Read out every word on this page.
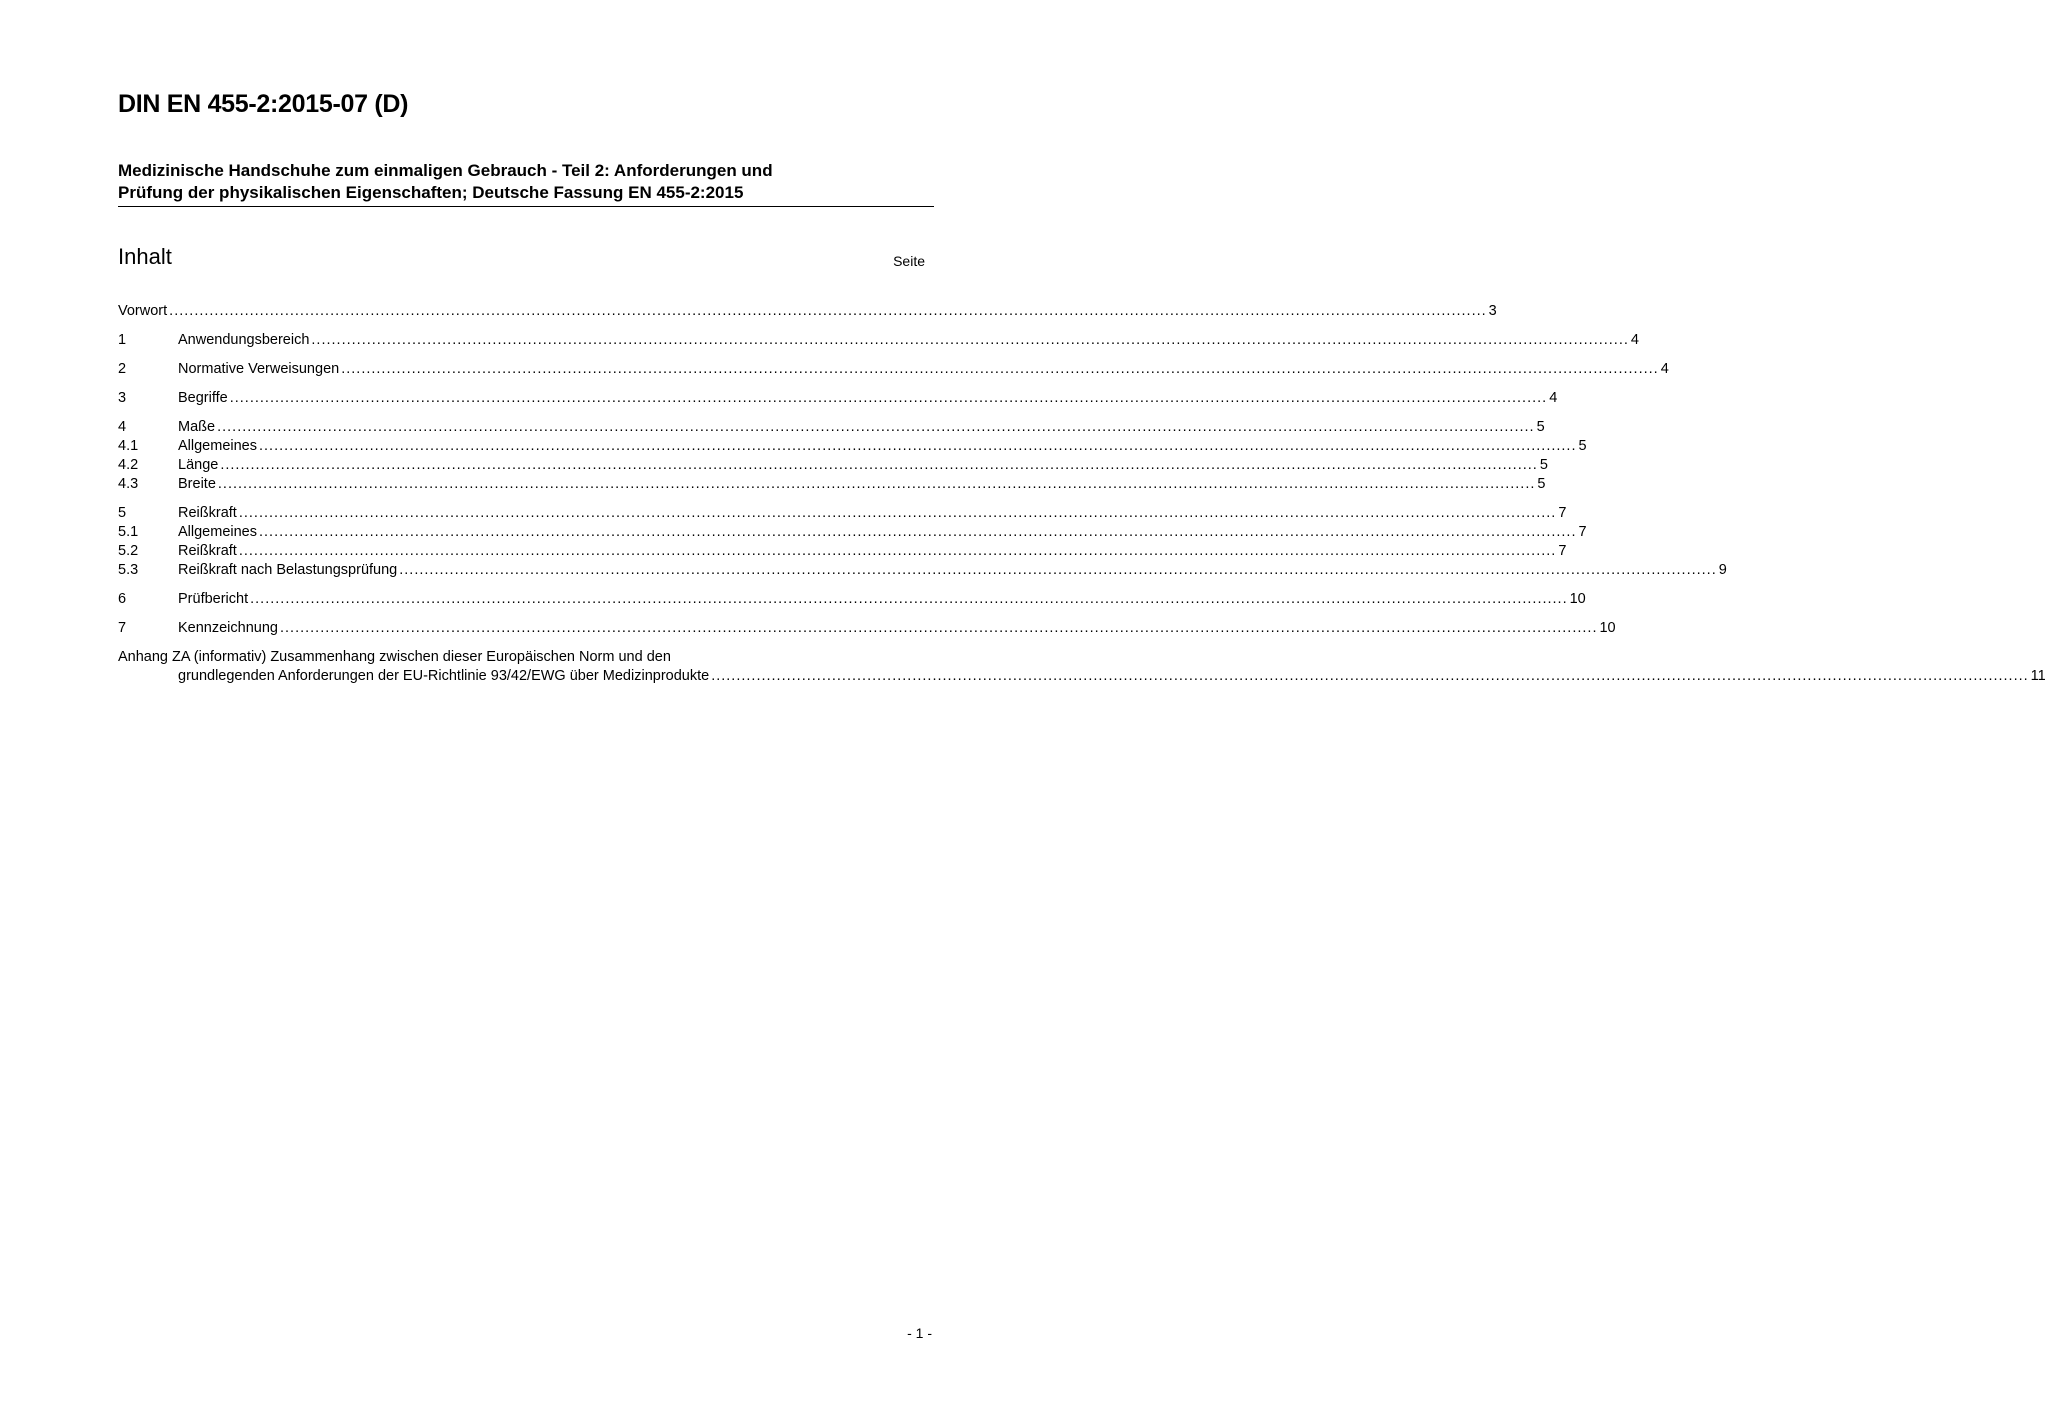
DIN EN 455-2:2015-07 (D)
Medizinische Handschuhe zum einmaligen Gebrauch - Teil 2: Anforderungen und
Prüfung der physikalischen Eigenschaften; Deutsche Fassung EN 455-2:2015
Inhalt	Seite
Vorwort .....	3
1	Anwendungsbereich .....	4
2	Normative Verweisungen .....	4
3	Begriffe .....	4
4	Maße .....	5
4.1	Allgemeines .....	5
4.2	Länge .....	5
4.3	Breite .....	5
5	Reißkraft .....	7
5.1	Allgemeines .....	7
5.2	Reißkraft .....	7
5.3	Reißkraft nach Belastungsprüfung .....	9
6	Prüfbericht .....	10
7	Kennzeichnung .....	10
Anhang ZA (informativ) Zusammenhang zwischen dieser Europäischen Norm und den
grundlegenden Anforderungen der EU-Richtlinie 93/42/EWG über Medizinprodukte .....	11
- 1 -
